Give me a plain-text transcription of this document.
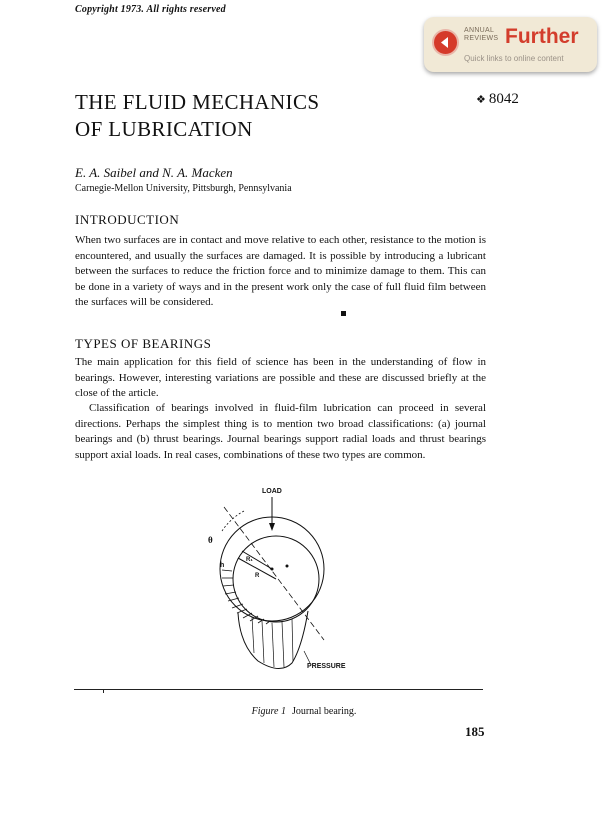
Copyright 1973. All rights reserved
ANNUAL
REVIEWS Further
Quick links to online content
THE FLUID MECHANICS
OF LUBRICATION
❖ 8042
E. A. Saibel and N. A. Macken
Carnegie-Mellon University, Pittsburgh, Pennsylvania
INTRODUCTION
When two surfaces are in contact and move relative to each other, resistance to the motion is encountered, and usually the surfaces are damaged. It is possible by introducing a lubricant between the surfaces to reduce the friction force and to minimize damage to them. This can be done in a variety of ways and in the present work only the case of full fluid film between the surfaces will be considered.
TYPES OF BEARINGS
The main application for this field of science has been in the understanding of flow in bearings. However, interesting variations are possible and these are discussed briefly at the close of the article.
Classification of bearings involved in fluid-film lubrication can proceed in several directions. Perhaps the simplest thing is to mention two broad classifications: (a) journal bearings and (b) thrust bearings. Journal bearings support radial loads and thrust bearings support axial loads. In real cases, combinations of these two types are common.
LOAD
θ
h
R₁
R
PRESSURE
Figure 1 Journal bearing.
185
